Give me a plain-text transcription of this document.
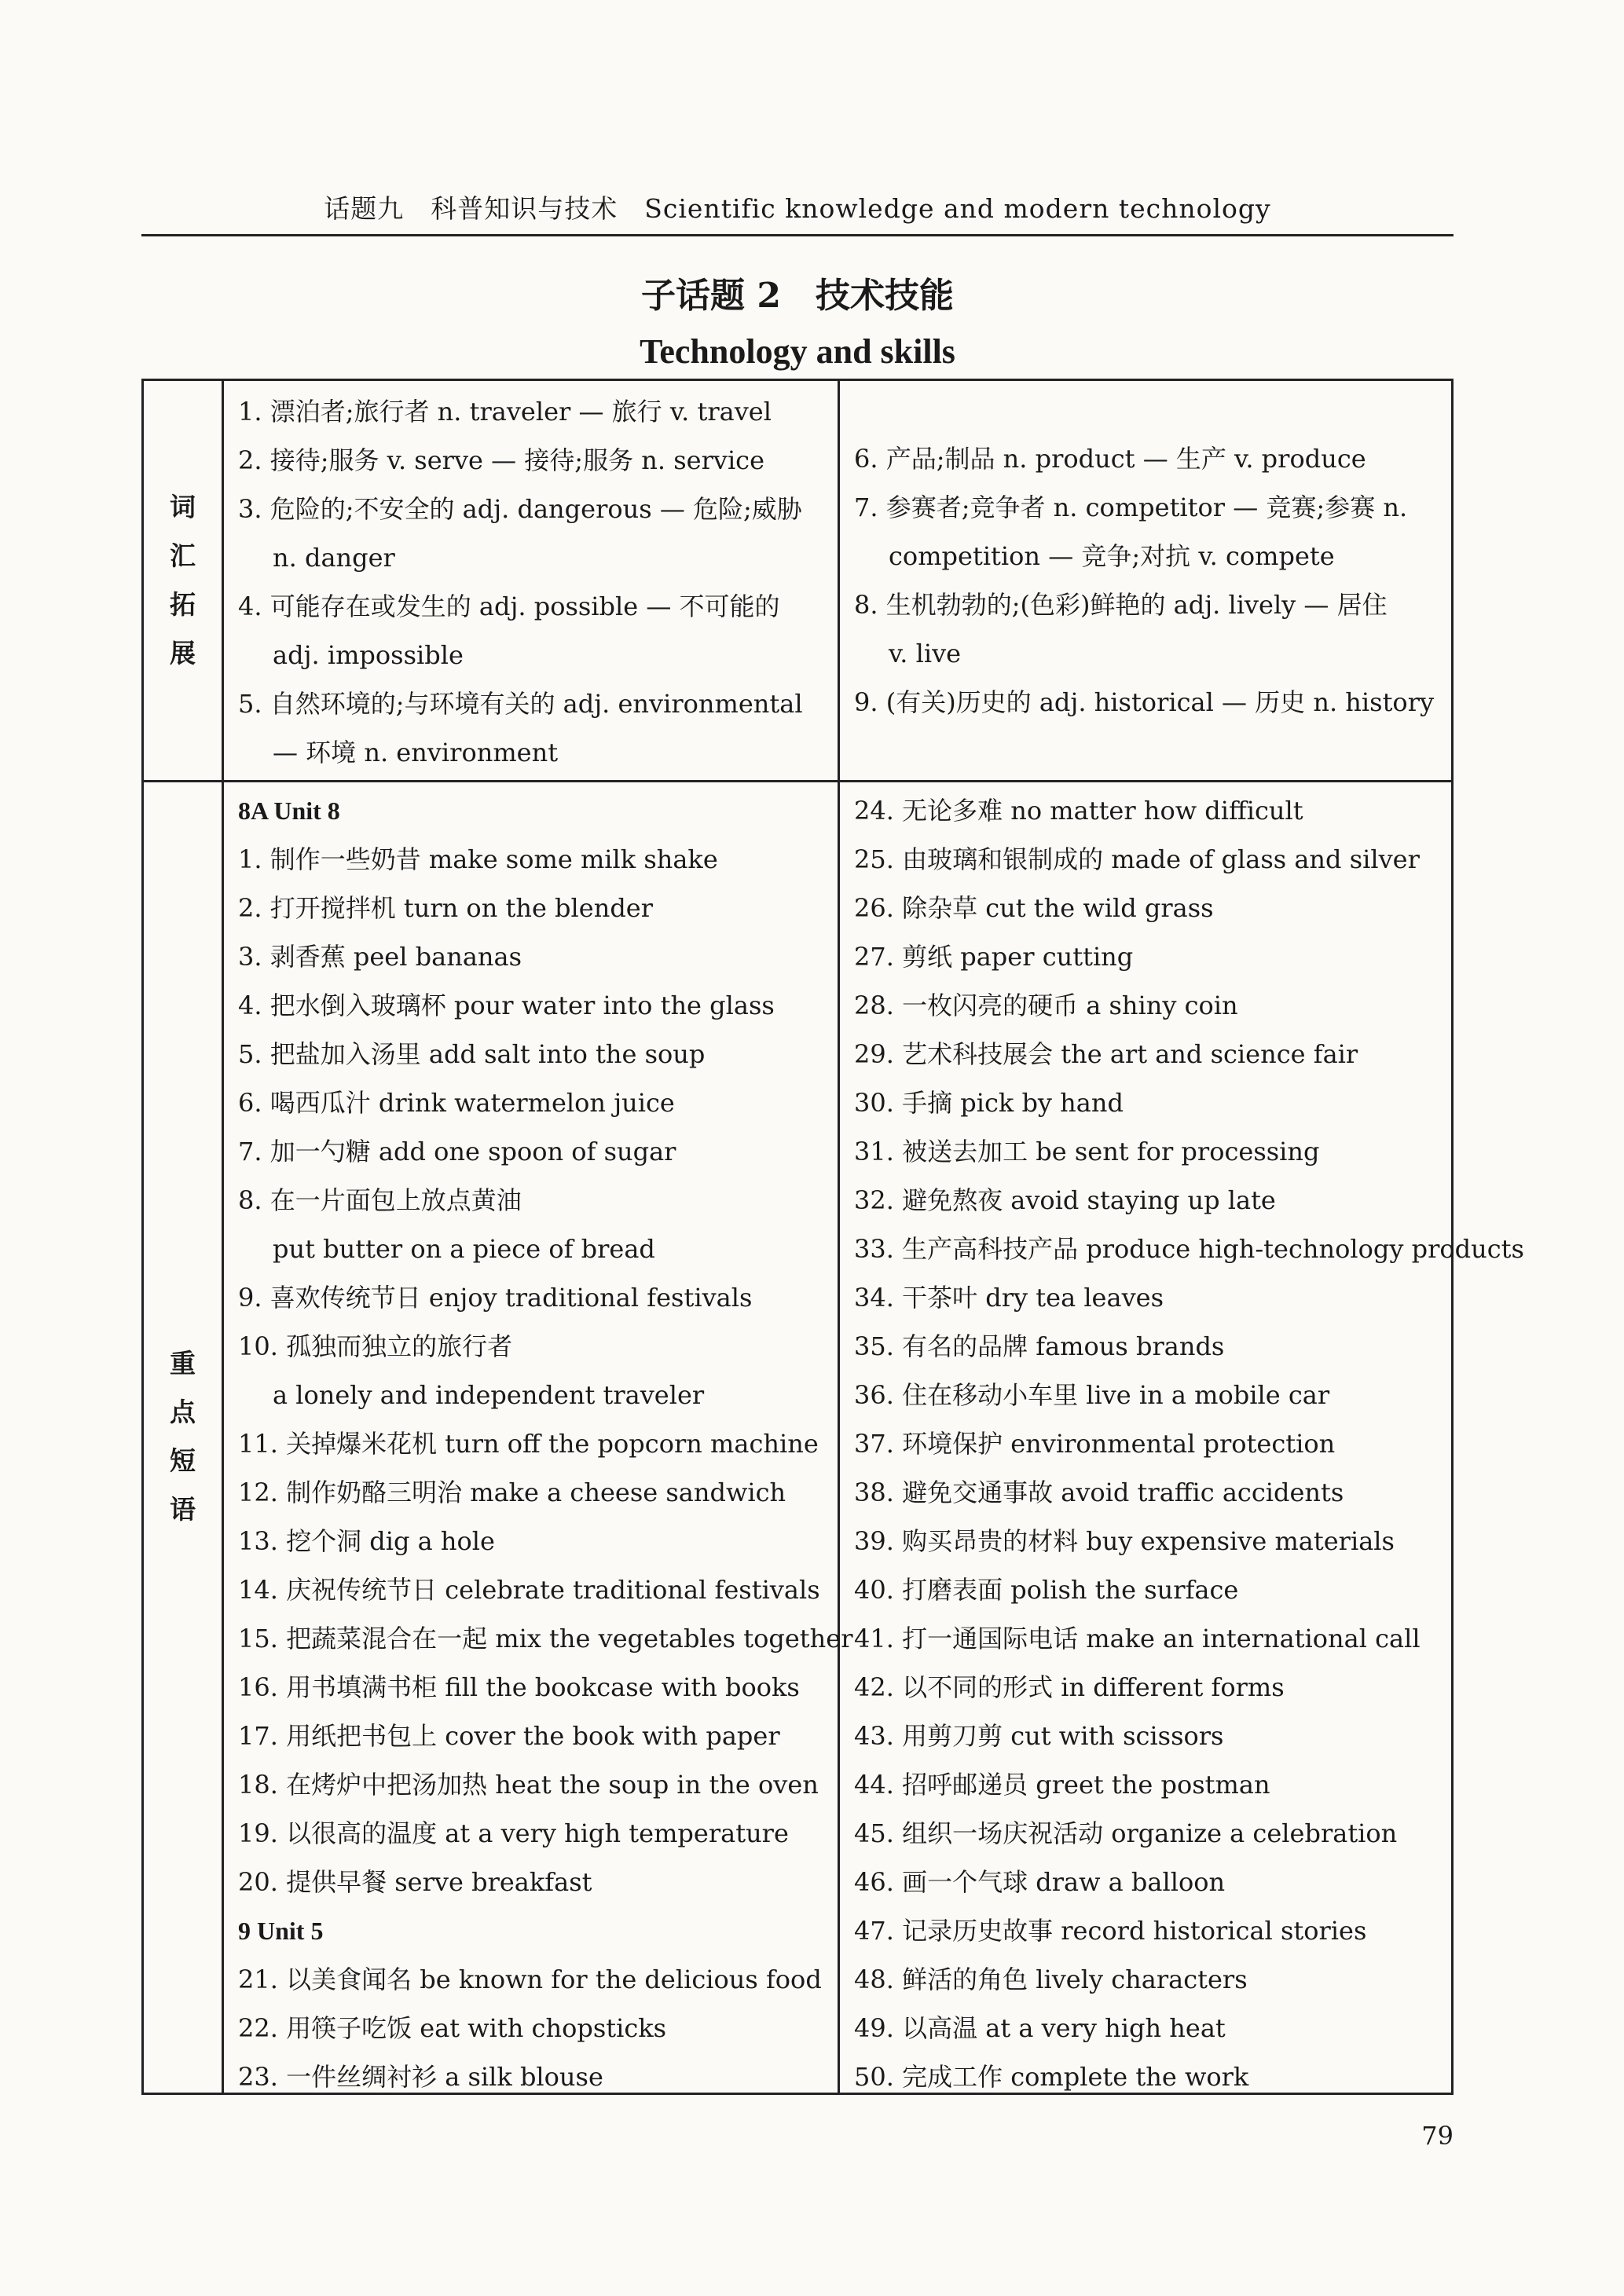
话题九　科普知识与技术　Scientific knowledge and modern technology
子话题 2　技术技能
Technology and skills
词
汇
拓
展
1. 漂泊者;旅行者 n. traveler — 旅行 v. travel
2. 接待;服务 v. serve — 接待;服务 n. service
3. 危险的;不安全的 adj. dangerous — 危险;威胁
n. danger
4. 可能存在或发生的 adj. possible — 不可能的
adj. impossible
5. 自然环境的;与环境有关的 adj. environmental
— 环境 n. environment
6. 产品;制品 n. product — 生产 v. produce
7. 参赛者;竞争者 n. competitor — 竞赛;参赛 n.
competition — 竞争;对抗 v. compete
8. 生机勃勃的;(色彩)鲜艳的 adj. lively — 居住
v. live
9. (有关)历史的 adj. historical — 历史 n. history
重
点
短
语
8A Unit 8
1. 制作一些奶昔 make some milk shake
2. 打开搅拌机 turn on the blender
3. 剥香蕉 peel bananas
4. 把水倒入玻璃杯 pour water into the glass
5. 把盐加入汤里 add salt into the soup
6. 喝西瓜汁 drink watermelon juice
7. 加一勺糖 add one spoon of sugar
8. 在一片面包上放点黄油
put butter on a piece of bread
9. 喜欢传统节日 enjoy traditional festivals
10. 孤独而独立的旅行者
a lonely and independent traveler
11. 关掉爆米花机 turn off the popcorn machine
12. 制作奶酪三明治 make a cheese sandwich
13. 挖个洞 dig a hole
14. 庆祝传统节日 celebrate traditional festivals
15. 把蔬菜混合在一起 mix the vegetables together
16. 用书填满书柜 fill the bookcase with books
17. 用纸把书包上 cover the book with paper
18. 在烤炉中把汤加热 heat the soup in the oven
19. 以很高的温度 at a very high temperature
20. 提供早餐 serve breakfast
9 Unit 5
21. 以美食闻名 be known for the delicious food
22. 用筷子吃饭 eat with chopsticks
23. 一件丝绸衬衫 a silk blouse
24. 无论多难 no matter how difficult
25. 由玻璃和银制成的 made of glass and silver
26. 除杂草 cut the wild grass
27. 剪纸 paper cutting
28. 一枚闪亮的硬币 a shiny coin
29. 艺术科技展会 the art and science fair
30. 手摘 pick by hand
31. 被送去加工 be sent for processing
32. 避免熬夜 avoid staying up late
33. 生产高科技产品 produce high-technology products
34. 干茶叶 dry tea leaves
35. 有名的品牌 famous brands
36. 住在移动小车里 live in a mobile car
37. 环境保护 environmental protection
38. 避免交通事故 avoid traffic accidents
39. 购买昂贵的材料 buy expensive materials
40. 打磨表面 polish the surface
41. 打一通国际电话 make an international call
42. 以不同的形式 in different forms
43. 用剪刀剪 cut with scissors
44. 招呼邮递员 greet the postman
45. 组织一场庆祝活动 organize a celebration
46. 画一个气球 draw a balloon
47. 记录历史故事 record historical stories
48. 鲜活的角色 lively characters
49. 以高温 at a very high heat
50. 完成工作 complete the work
79
